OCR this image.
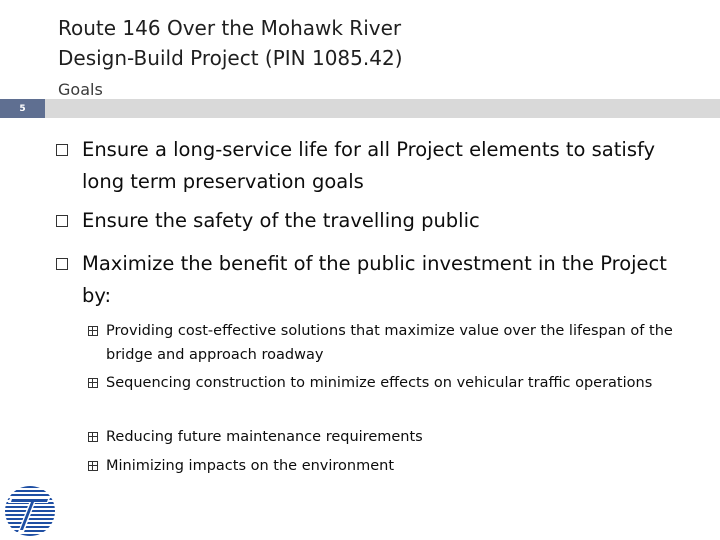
Route 146 Over the Mohawk River
Design-Build Project (PIN 1085.42)
Goals
5
Ensure a long-service life for all Project elements to satisfy long term preservation goals
Ensure the safety of the travelling public
Maximize the benefit of the public investment in the Project by:
Providing cost-effective solutions that maximize value over the lifespan of the bridge and approach roadway
Sequencing construction to minimize effects on vehicular traffic operations
Reducing future maintenance requirements
Minimizing impacts on the environment
